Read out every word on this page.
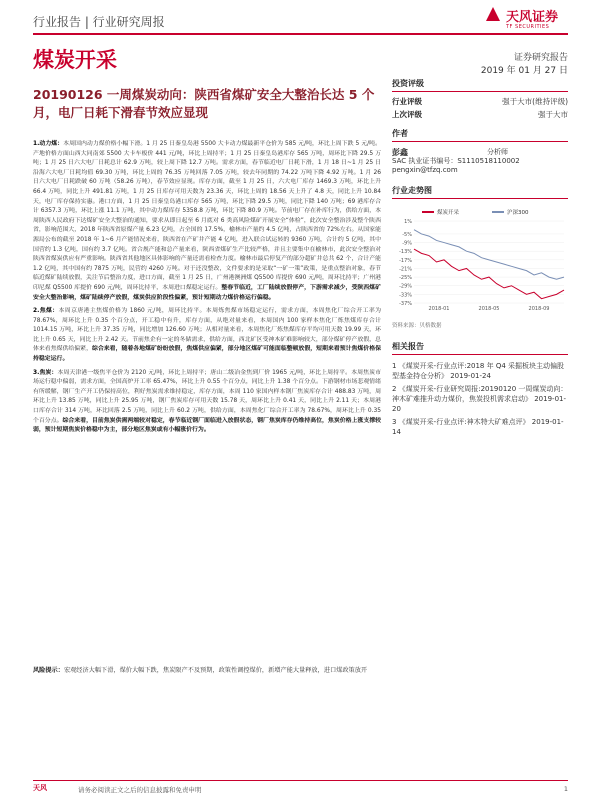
行业报告 | 行业研究周报	天风证券
TF SECURITIES
煤炭开采	证券研究报告
2019 年 01 月 27 日
20190126 一周煤炭动向：陕西省煤矿安全大整治长达 5 个月，电厂日耗下滑春节效应显现

1.动力煤：本周国内动力煤价格小幅下滑。1 月 25 日秦皇岛港 5500 大卡动力煤最新平仓价为 585 元/吨，环比上周下跌 5 元/吨。产地价格方面山西大同南郊 5500 大卡车板价 441 元/吨，环比上周持平；1 月 25 日秦皇岛港库存 565 万吨，周环比下降 29.5 万吨；1 月 25 日六大电厂日耗总计 62.9 万吨，较上周下降 12.7 万吨。需求方面，春节临近电厂日耗下滑，1 月 18 日~1 月 25 日沿海六大电厂日耗均值 69.30 万吨，环比上周的 76.35 万吨回落 7.05 万吨，较去年同期的 74.22 万吨下降 4.92 万吨。1 月 26 日六大电厂日耗跌破 60 万吨（58.26 万吨），春节效应显现。库存方面，截至 1 月 25 日，六大电厂库存 1469.3 万吨，环比上升 66.4 万吨，同比上升 491.81 万吨，1 月 25 日库存可用天数为 23.36 天，环比上周的 18.56 天上升了 4.8 天，同比上升 10.84 天，电厂库存保持实惠。港口方面，1 月 25 日秦皇岛港口库存 565 万吨，环比下降 29.5 万吨，同比下降 140 万吨；69 港库存合计 6357.3 万吨，环比上涨 11.1 万吨，其中动力煤库存 5358.8 万吨，环比下降 80.9 万吨。节前电厂存在补库行为，供给方面，本周陕西人民政府下达煤矿安全大整治的通知，要求从即日起至 6 月底对 6 类高风险煤矿开展安全“体检”，此次安全整治涉及整个陕西省，影响范围大，2018 年陕西省原煤产量 6.23 亿吨，占全国的 17.5%，榆林市产量约 4.5 亿吨，占陕西省的 72%左右。从国家能源局公布的截至 2018 年 1~6 月产能情况来看，陕西省在产矿井产能 4 亿吨，进入联合试运转的 9360 万吨，合计约 5 亿吨，其中国营约 1.3 亿吨，国有约 3.7 亿吨。省合规产能和总产量来看，陕西省煤矿生产比较严格，并且主要集中在榆林市，此次安全整治对陕西省煤炭供应有严重影响。陕西省其他地区具体影响的产量还需看检查力度。榆林市最后停复产的部分超矿井总共 62 个，合计产能 1.2 亿吨，其中国有约 7875 万吨，民营约 4260 万吨。对于还没整改，文件要求的是采取“一矿一策”政策，是重点整治对象，春节临近煤矿陆续放假，关注节后整治力度，进口方面，截至 1 月 25 日，广州港澳洲煤 Q5500 库提价 690 元/吨，周环比持平；广州港印尼煤 Q5500 库提价 690 元/吨，周环比持平，本周进口煤稳定运行。整春节临近，工厂陆续放假停产，下游需求减少，受陕西煤矿安全大整治影响，煤矿陆续停产放假，煤炭供应阶段性偏紧，预计短期动力煤价格运行偏稳。

2.焦煤：本周京唐港主焦煤价格为 1860 元/吨，周环比持平。本周炼焦煤市场稳定运行，需求方面，本周焦化厂综合开工率为 78.67%，周环比上升 0.35 个百分点，开工稳中有升，库存方面，从绝对量来看，本周国内 100 家样本焦化厂炼焦煤库存合计 1014.15 万吨，环比上升 37.35 万吨，同比增加 126.60 万吨；从相对量来看，本周焦化厂炼焦煤库存平均可用天数 19.99 天，环比上升 0.65 天，同比上升 2.42 天。节前焦企有一定的冬储需求，供给方面，西北矿区受神木矿难影响较大，部分煤矿停产放假，总体来看焦煤供给偏紧，综合来看，随着各地煤矿纷纷放假，焦煤供应偏紧，部分地区煤矿可能面临整顿放假，短期来看预计焦煤价格保持稳定运行。

3.焦炭：本周天津港一级焦平仓价为 2120 元/吨，环比上周持平；唐山二级冶金焦到厂价 1965 元/吨，环比上周持平。本周焦炭市场运行稳中偏弱，需求方面，全国高炉开工率 65.47%，环比上升 0.55 个百分点，同比上升 1.38 个百分点。下游钢材市场悲观情绪有所缓解，钢厂生产开工仍保持高位，利好焦炭需求维持稳定，库存方面，本周 110 家国内样本钢厂焦炭库存合计 488.83 万吨，周环比上升 13.85 万吨，同比上升 25.95 万吨，钢厂焦炭库存可用天数 15.78 天，周环比上升 0.41 天，同比上升 2.11 天；本周港口库存合计 314 万吨，环比回落 2.5 万吨，同比上升 60.2 万吨，供给方面，本周焦化厂综合开工率为 78.67%，周环比上升 0.35 个百分点。综合来看，目前焦炭供需两端较对稳定，春节临近钢厂面临进入放假状态，钢厂焦炭库存仍维持高位，焦炭价格上涨支撑较弱，预计短期焦炭价格稳中为主，部分地区焦炭或有小幅涨价行为。

风险提示：宏观经济大幅下滑，煤价大幅下跌，焦炭限产不及预期，政策性调控煤价，新增产能大量释放，进口煤政策放开
投资评级
行业评级	强于大市(维持评级)
上次评级	强于大市
作者
彭鑫	分析师
SAC 执业证书编号：S1110518110002
pengxin@tfzq.com
行业走势图
1%
-5%
-9%
-13%
-17%
-21%
-25%
-29%
-33%
-37%
2018-01	2018-05	2018-09
煤炭开采	沪深300
资料来源：贝格数据
相关报告
1 《煤炭开采-行业点评:2018 年 Q4 采掘板块主动偏股型基金持仓分析》 2019-01-24
2 《煤炭开采-行业研究周报:20190120 一周煤炭动向：神木矿难推升动力煤价，焦炭投机需求启动》 2019-01-20
3 《煤炭开采-行业点评:神木特大矿难点评》 2019-01-14
天风	请务必阅读正文之后的信息披露和免责申明	1
